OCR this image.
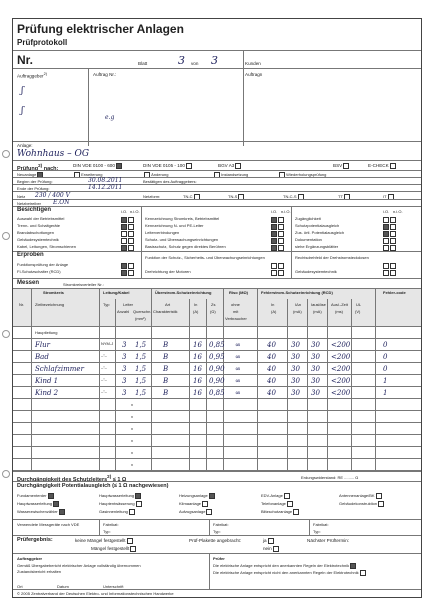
Prüfung elektrischer Anlagen
Prüfprotokoll
Nr.	Blatt	3 von 3	Kunden
Auftraggeber$^{2)}$	Auftrag Nr.:	Auftragn
ʃ
ʃ
e.g
Anlage:
Wohnhaus – OG
Prüfung$^{2)}$ nach:
DIN VDE 0100 - 600	DIN VDE 0105 - 100	BGV A3	BSV	E-CHECK
Neuanlage	Erweiterung	Änderung	Instandsetzung	Wiederholungsprüfung
Beginn der Prüfung:	30.08.2011	Bestätigen des Auftraggebers:
Ende der Prüfung:	14.12.2011
Netz 230 / 400 V	Netzform:	TN-C	TN-S	TN-C-S	TT	IT
Netzbetreiber E.ON
Besichtigen	i.O. n.i.O.	i.O. n.i.O.	i.O. n.i.O.
Auswahl der Betriebsmittel
Trenn- und Schaltgeräte
Brandabschottungen
Gebäudesystemtechnik
Kabel, Leitungen, Stromschienen

Kennzeichnung Stromkreis, Betriebsmittel
Kennzeichnung N- und PE-Leiter
Leiterverbindungen
Schutz- und Überwachungseinrichtungen
Basisschutz, Schutz gegen direktes Berühren

Zugänglichkeit
Schutzpotentialausgleich
Zus. örtl. Potentialausgleich
Dokumentation
siehe Ergänzungsblätter

Erproben
Funktionsprüfung der Anlage
FI-Schutzschalter (RCD)

Funktion der Schutz-, Sicherheits- und Überwachungseinrichtungen
Drehrichtung der Motoren

Rechtsdrehfeld der Drehstromsteckdosen
Gebäudesystemtechnik

Messen	Stromkreisverteiler Nr.:
Stromkreis
Nr.	Zielbezeichnung
Leitung/Kabel
Typ	Leiter
Anzahl Querschn.
(mm²)
Überstrom-Schutzeinrichtung
Art
Charakteristik
In
(A)
Zs
(Ω)
Riso (MΩ)
ohne
mit
Verbraucher
Fehlerstrom-Schutzeinrichtung (RCD)
In
(A)
IΔn
(mA)
Iauslöse
(mA)
Ausl.-Zeit
(ms)
UL
(V)
Fehler-code
Hauptleitung
Flur	NYM-J 3 1,5 B	16 0,85 ∞	40 30 30 <200	0
Bad	–"– 3 1,5 B	16 0,95 ∞	40 30 30 <200	0
Schlafzimmer	–"– 3 1,5 B	16 0,90 ∞	40 30 30 <200	0
Kind 1	–"– 3 1,5 B	16 0,90 ∞	40 30 30 <200	1
Kind 2	–"– 3 1,5 B	16 0,85 ∞	40 30 30 <200	1
x
x
x
x
x
x
Durchgängigkeit des Schutzleiters$^{2)}$ ≤ 1 Ω	Erdungswiderstand: RE ......... Ω
Durchgängigkeit Potentialausgleich (≤ 1 Ω nachgewiesen)
Fundamenterder
Hauptwasserleitung
Wasserzwischenzähler
Hauptwasserleitung
Hauptentwässerung
Gasinnenleitung
Heizungsanlage
Klimaanlage
Aufzugsanlage
EDV-Anlage
Telefonanlage
Blitzschutzanlage
Antennenanlage/BK
Gebäudekonstruktion
Verwendete Messgeräte nach VDE	Fabrikat:
Typ:
Fabrikat:
Typ:
Fabrikat:
Typ:
Prüfergebnis:	keine Mängel festgestellt
Mängel festgestellt
Prüf-Plakette angebracht:	ja
nein
Nächster Prüftermin:
Auftraggeber
Gemäß Übergabebericht elektrischer Anlage vollständig übernommen
Zustandsbericht erhalten
Ort	Datum	Unterschrift
Prüfer
Die elektrische Anlage entspricht den anerkannten Regeln der Elektrotechnik
Die elektrische Anlage entspricht nicht den anerkannten Regeln der Elektrotechnik
© 2005 Zentralverband der Deutschen Elektro- und Informationstechnischen Handwerke
